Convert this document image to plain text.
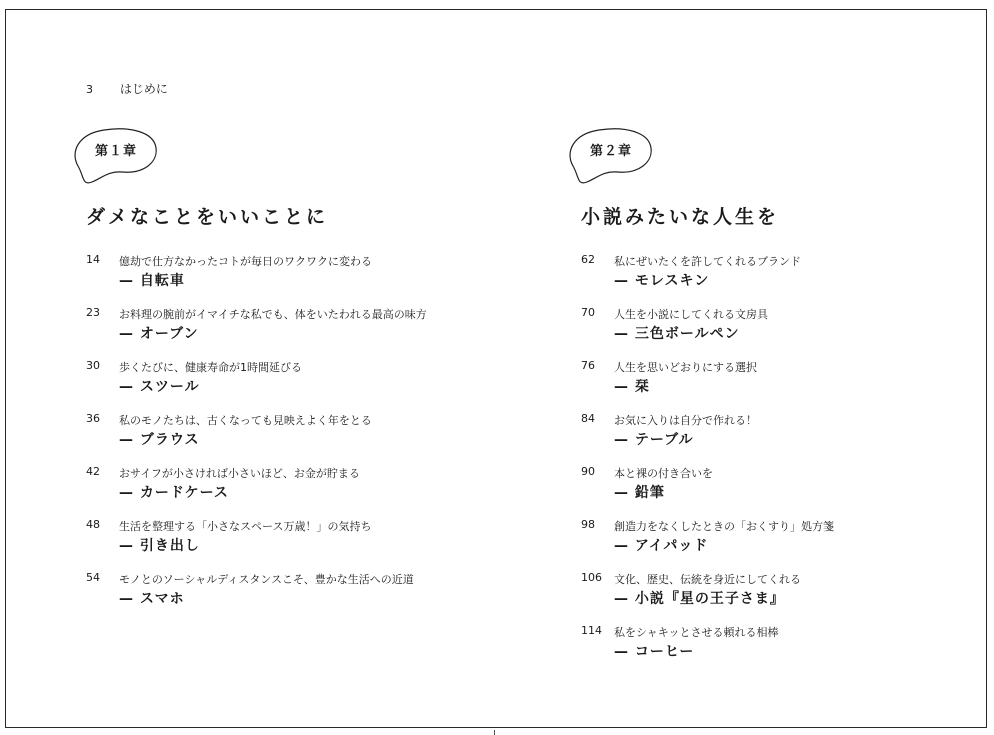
3 はじめに
第１章
ダメなことをいいことに
14 億劫で仕方なかったコトが毎日のワクワクに変わる
— 自転車
23 お料理の腕前がイマイチな私でも、体をいたわれる最高の味方
— オーブン
30 歩くたびに、健康寿命が1時間延びる
— スツール
36 私のモノたちは、古くなっても見映えよく年をとる
— ブラウス
42 おサイフが小さければ小さいほど、お金が貯まる
— カードケース
48 生活を整理する「小さなスペース万歳！」の気持ち
— 引き出し
54 モノとのソーシャルディスタンスこそ、豊かな生活への近道
— スマホ
第２章
小説みたいな人生を
62 私にぜいたくを許してくれるブランド
— モレスキン
70 人生を小説にしてくれる文房具
— 三色ボールペン
76 人生を思いどおりにする選択
— 栞
84 お気に入りは自分で作れる！
— テーブル
90 本と裸の付き合いを
— 鉛筆
98 創造力をなくしたときの「おくすり」処方箋
— アイパッド
106 文化、歴史、伝統を身近にしてくれる
— 小説『星の王子さま』
114 私をシャキッとさせる頼れる相棒
— コーヒー
